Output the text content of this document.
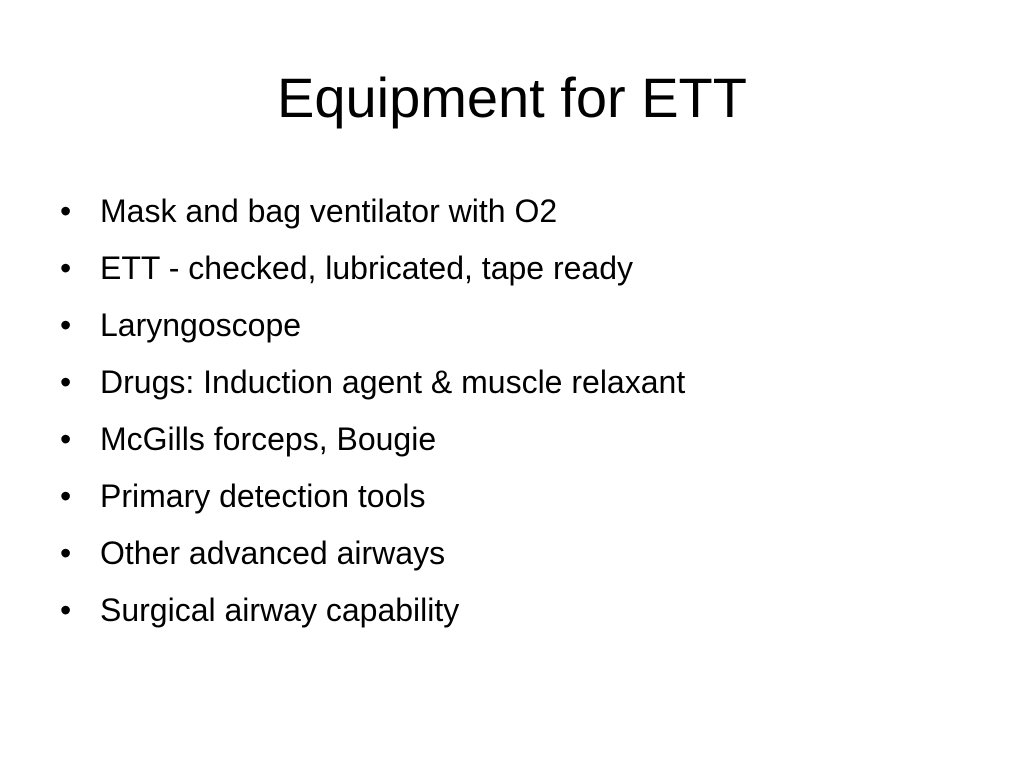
Equipment for ETT
• Mask and bag ventilator with O2
• ETT - checked, lubricated, tape ready
• Laryngoscope
• Drugs: Induction agent & muscle relaxant
• McGills forceps, Bougie
• Primary detection tools
• Other advanced airways
• Surgical airway capability
